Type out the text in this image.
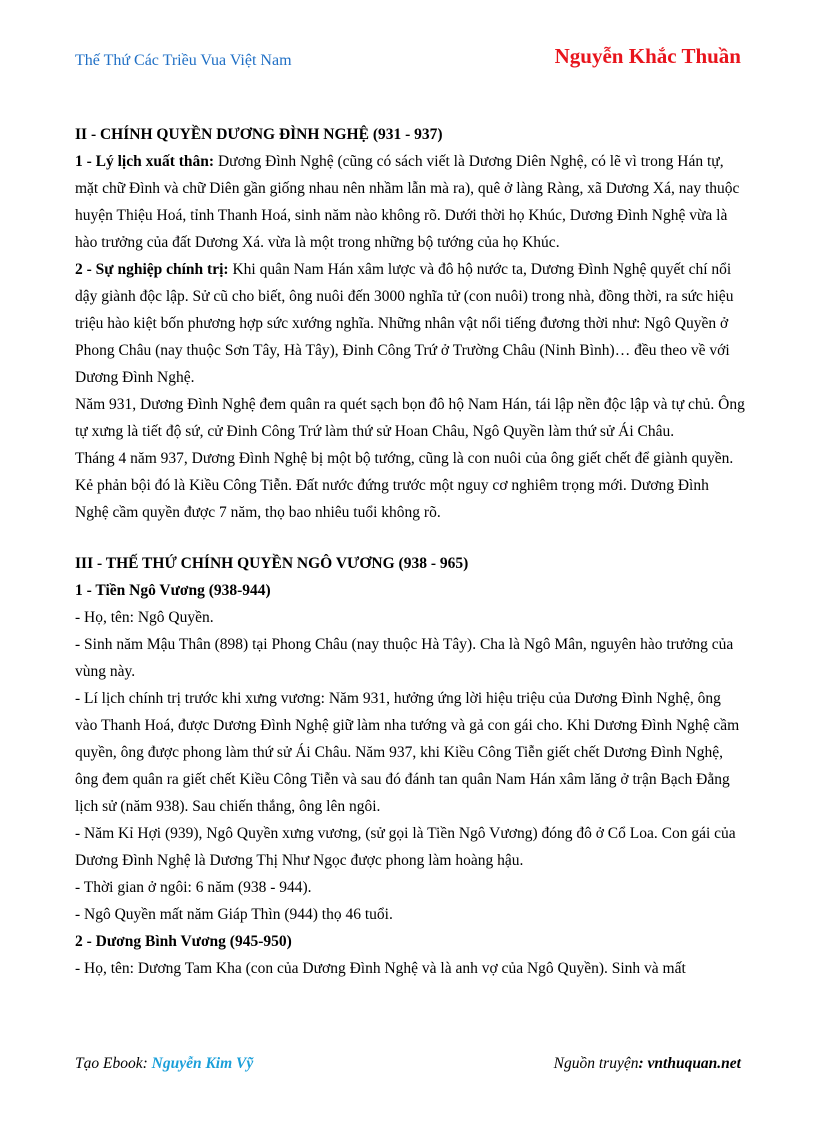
Thế Thứ Các Triều Vua Việt Nam	Nguyễn Khắc Thuần

II - CHÍNH QUYỀN DƯƠNG ĐÌNH NGHỆ (931 - 937)

1 - Lý lịch xuất thân: Dương Đình Nghệ (cũng có sách viết là Dương Diên Nghệ, có lẽ vì trong Hán tự, mặt chữ Đình và chữ Diên gần giống nhau nên nhầm lẫn mà ra), quê ở làng Ràng, xã Dương Xá, nay thuộc huyện Thiệu Hoá, tỉnh Thanh Hoá, sinh năm nào không rõ. Dưới thời họ Khúc, Dương Đình Nghệ vừa là hào trưởng của đất Dương Xá. vừa là một trong những bộ tướng của họ Khúc.

2 - Sự nghiệp chính trị: Khi quân Nam Hán xâm lược và đô hộ nước ta, Dương Đình Nghệ quyết chí nổi dậy giành độc lập. Sử cũ cho biết, ông nuôi đến 3000 nghĩa tử (con nuôi) trong nhà, đồng thời, ra sức hiệu triệu hào kiệt bốn phương hợp sức xướng nghĩa. Những nhân vật nổi tiếng đương thời như: Ngô Quyền ở Phong Châu (nay thuộc Sơn Tây, Hà Tây), Đinh Công Trứ ở Trường Châu (Ninh Bình)… đều theo về với Dương Đình Nghệ.

Năm 931, Dương Đình Nghệ đem quân ra quét sạch bọn đô hộ Nam Hán, tái lập nền độc lập và tự chủ. Ông tự xưng là tiết độ sứ, cử Đinh Công Trứ làm thứ sử Hoan Châu, Ngô Quyền làm thứ sử Ái Châu.

Tháng 4 năm 937, Dương Đình Nghệ bị một bộ tướng, cũng là con nuôi của ông giết chết để giành quyền. Kẻ phản bội đó là Kiều Công Tiễn. Đất nước đứng trước một nguy cơ nghiêm trọng mới. Dương Đình Nghệ cầm quyền được 7 năm, thọ bao nhiêu tuổi không rõ.

III - THẾ THỨ CHÍNH QUYỀN NGÔ VƯƠNG (938 - 965)

1 - Tiền Ngô Vương (938-944)

- Họ, tên: Ngô Quyền.

- Sinh năm Mậu Thân (898) tại Phong Châu (nay thuộc Hà Tây). Cha là Ngô Mân, nguyên hào trưởng của vùng này.

- Lí lịch chính trị trước khi xưng vương: Năm 931, hưởng ứng lời hiệu triệu của Dương Đình Nghệ, ông vào Thanh Hoá, được Dương Đình Nghệ giữ làm nha tướng và gả con gái cho. Khi Dương Đình Nghệ cầm quyền, ông được phong làm thứ sử Ái Châu. Năm 937, khi Kiều Công Tiễn giết chết Dương Đình Nghệ, ông đem quân ra giết chết Kiều Công Tiễn và sau đó đánh tan quân Nam Hán xâm lăng ở trận Bạch Đằng lịch sử (năm 938). Sau chiến thắng, ông lên ngôi.

- Năm Kỉ Hợi (939), Ngô Quyền xưng vương, (sử gọi là Tiền Ngô Vương) đóng đô ở Cổ Loa. Con gái của Dương Đình Nghệ là Dương Thị Như Ngọc được phong làm hoàng hậu.

- Thời gian ở ngôi: 6 năm (938 - 944).

- Ngô Quyền mất năm Giáp Thìn (944) thọ 46 tuổi.

2 - Dương Bình Vương (945-950)

- Họ, tên: Dương Tam Kha (con của Dương Đình Nghệ và là anh vợ của Ngô Quyền). Sinh và mất

Tạo Ebook: Nguyễn Kim Vỹ	Nguồn truyện: vnthuquan.net
